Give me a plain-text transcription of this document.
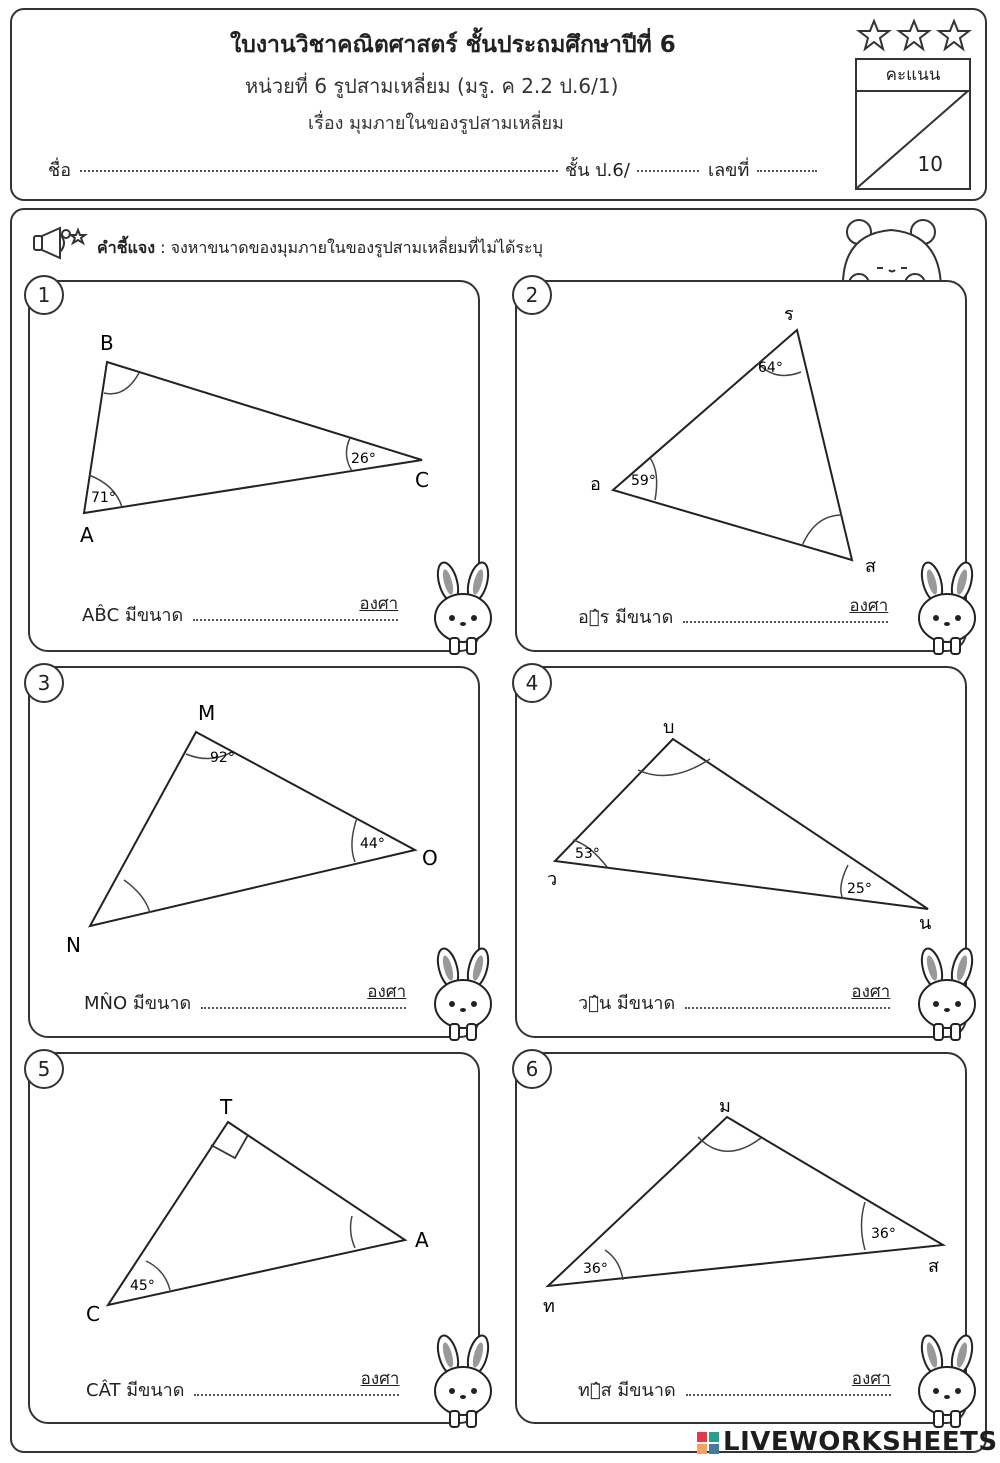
ใบงานวิชาคณิตศาสตร์ ชั้นประถมศึกษาปีที่ 6
หน่วยที่ 6 รูปสามเหลี่ยม (มรู. ค 2.2 ป.6/1)
เรื่อง มุมภายในของรูปสามเหลี่ยม
ชื่อ	ชั้น ป.6/	เลขที่
คะแนน
10
คำชี้แจง : จงหาขนาดของมุมภายในของรูปสามเหลี่ยมที่ไม่ได้ระบุ
1
B
C
A
26°
71°
AB̂C มีขนาด
องศา
2
ร
อ
ส
64°
59°
อส̂ร มีขนาด
องศา
3
M
O
N
92°
44°
MN̂O มีขนาด
องศา
4
บ
ว
น
53°
25°
วบ̂น มีขนาด
องศา
5
T
A
C
45°
CÂT มีขนาด
องศา
6
ม
ส
ท
36°
36°
ทม̂ส มีขนาด
องศา
LIVEWORKSHEETS
